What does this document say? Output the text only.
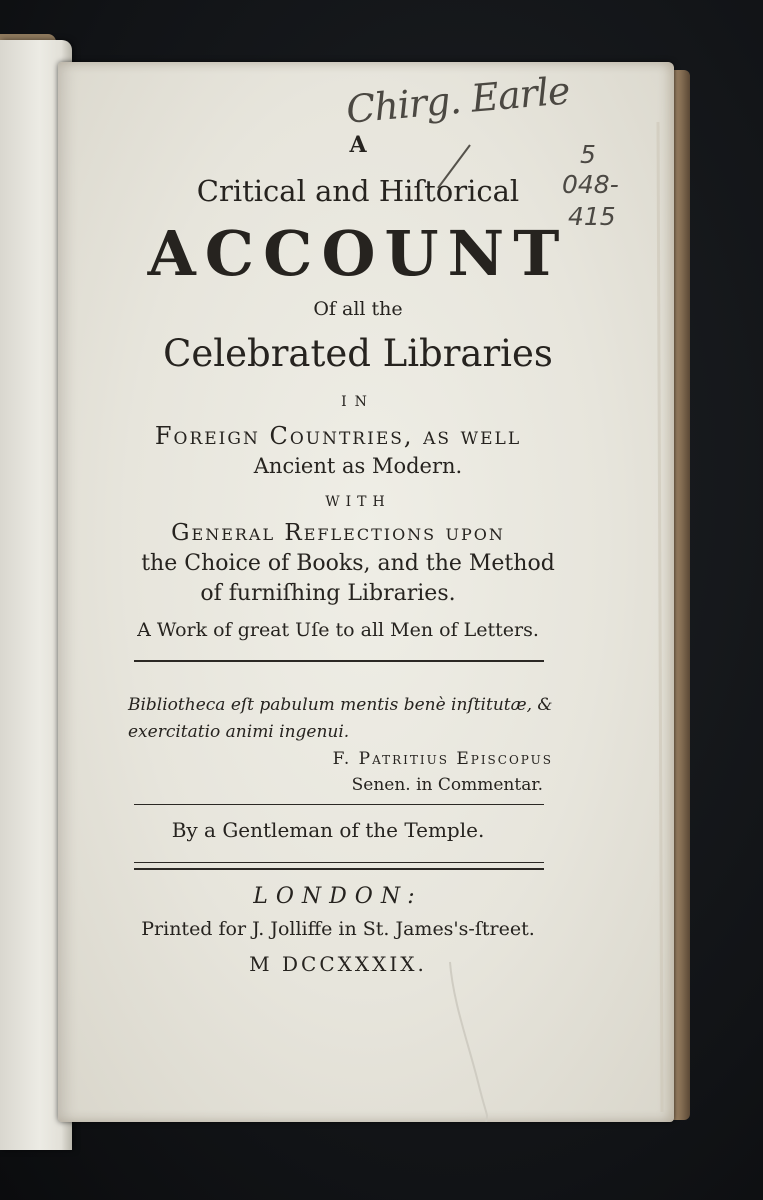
A

Critical and Hiſtorical

ACCOUNT

Of all the

Celebrated Libraries

IN

Foreign Countries, as well

Ancient as Modern.

WITH

General Reflections upon

the Choice of Books, and the Method

of furniſhing Libraries.

A Work of great Uſe to all Men of Letters.

Bibliotheca eſt pabulum mentis benè inſtitutæ, &

exercitatio animi ingenui.

F. Patritius Epiſcopus

Senen. in Commentar.

By a Gentleman of the Temple.

LONDON:

Printed for J. Jolliffe in St. James's-ſtreet.

M DCCXXXIX.

Chirg. Earle
5
048-
415
